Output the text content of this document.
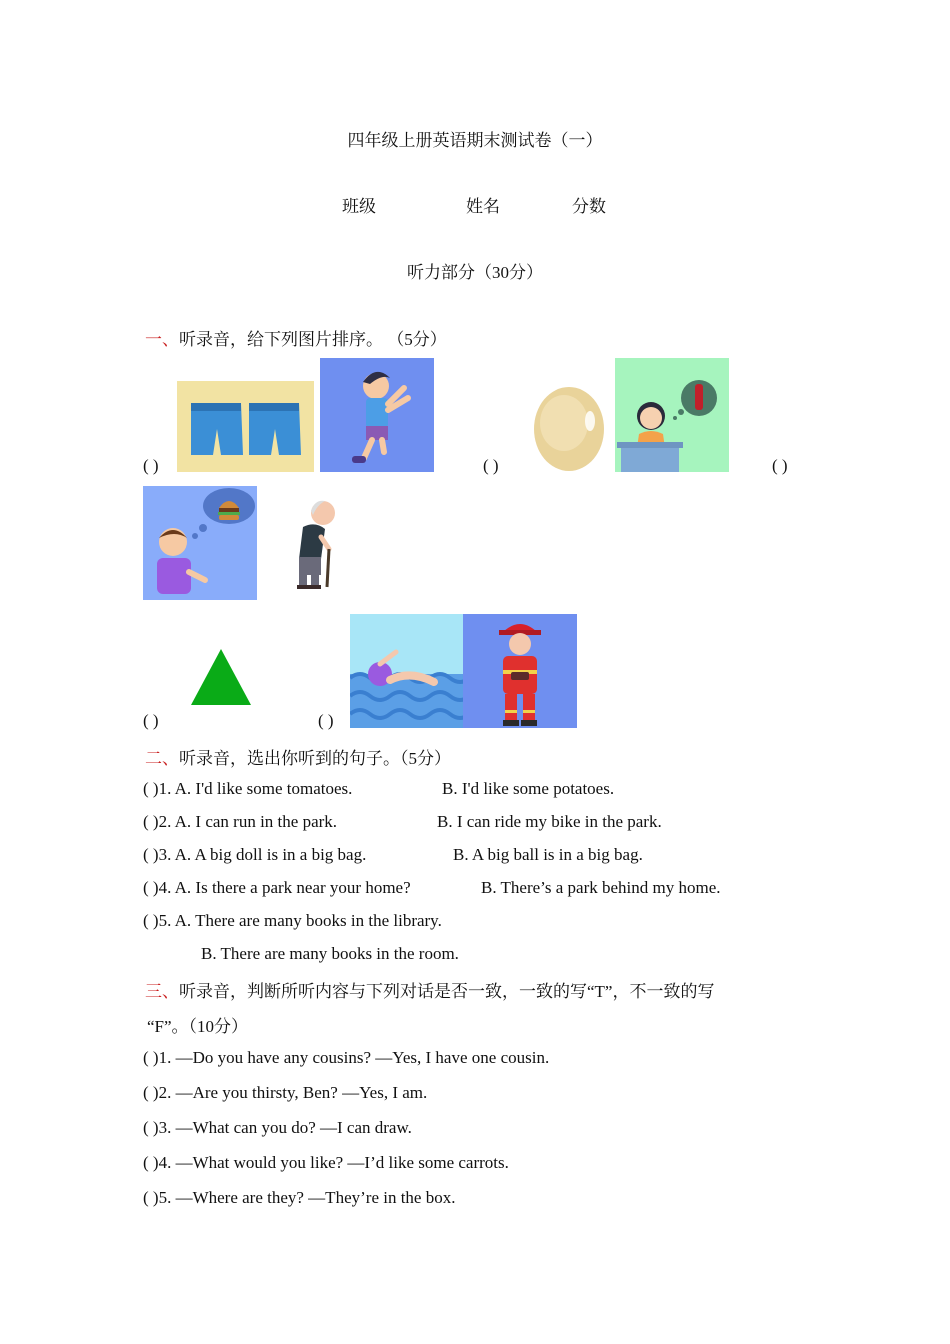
四年级上册英语期末测试卷（一）
班级	姓名	分数
听力部分（30分）
一、听录音，给下列图片排序。 （5分）
( )	( )	( )
( )	( )
二、听录音，选出你听到的句子。（5分）
( )1. A. I'd like some tomatoes.	B. I'd like some potatoes.
( )2. A. I can run in the park.	B. I can ride my bike in the park.
( )3. A. A big doll is in a big bag.	B. A big ball is in a big bag.
( )4. A. Is there a park near your home?	B. There’s a park behind my home.
( )5. A. There are many books in the library.
B. There are many books in the room.
三、听录音，判断所听内容与下列对话是否一致，一致的写“T”，不一致的写
“F”。（10分）
( )1. —Do you have any cousins? —Yes, I have one cousin.
( )2. —Are you thirsty, Ben? —Yes, I am.
( )3. —What can you do? —I can draw.
( )4. —What would you like? —I’d like some carrots.
( )5. —Where are they? —They’re in the box.
